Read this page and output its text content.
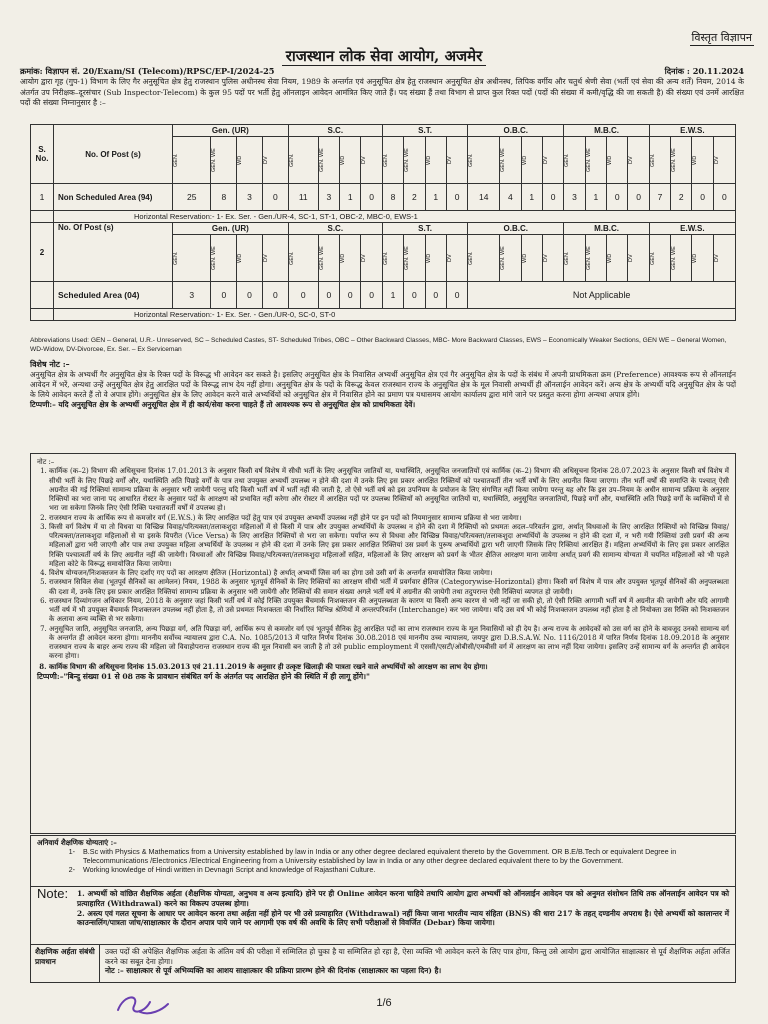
विस्तृत विज्ञापन
राजस्थान लोक सेवा आयोग, अजमेर
क्रमांक: विज्ञापन सं. 20/Exam/SI (Telecom)/RPSC/EP-I/2024-25	दिनांक : 20.11.2024
आयोग द्वारा गृह (गुप-1) विभाग के लिए गैर अनुसूचित क्षेत्र हेतु राजस्थान पुलिस अधीनस्थ सेवा नियम, 1989 के अन्तर्गत एवं अनुसूचित क्षेत्र हेतु राजस्थान अनुसूचित क्षेत्र अधीनस्थ, लिपिक वर्गीय और चतुर्थ श्रेणी सेवा (भर्ती एवं सेवा की अन्य शर्तें) नियम, 2014 के अंतर्गत उप निरीक्षक–दूरसंचार (Sub Inspector-Telecom) के कुल 95 पदों पर भर्ती हेतु ऑनलाइन आवेदन आमंत्रित किए जाते हैं। पद संख्या हैं तथा विभाग से प्राप्त कुल रिक्त पदों (पदों की संख्या में कमी/वृद्धि की जा सकती है) की संख्या एवं उनमें आरक्षित पदों की संख्या निम्नानुसार है :–
S. No.	No. Of Post (s)	Gen. (UR)				S.C.				S.T.				O.B.C.				M.B.C.				E.W.S.			

		GEN.	GEN. WE	WD	DV	GEN.	GEN. WE	WD	DV	GEN.	GEN. WE	WD	DV	GEN.	GEN. WE	WD	DV	GEN.	GEN. WE	WD	DV	GEN.	GEN. WE	WD	DV

1	Non Scheduled Area (94)	25	8	3	0	11	3	1	0	8	2	1	0	14	4	1	0	3	1	0	0	7	2	0	0
	Horizontal Reservation:- 1- Ex. Ser. - Gen./UR-4, SC-1, ST-1, OBC-2, MBC-0, EWS-1																								
2	No. Of Post (s)	Gen. (UR)				S.C.				S.T.				O.B.C.				M.B.C.				E.W.S.			

		GEN.	GEN. WE	WD	DV	GEN.	GEN. WE	WD	DV	GEN.	GEN. WE	WD	DV	GEN.	GEN. WE	WD	DV	GEN.	GEN. WE	WD	DV	GEN.	GEN. WE	WD	DV

	Scheduled Area (04)	3	0	0	0	0	0	0	0	1	0	0	0	Not Applicable											
	Horizontal Reservation:- 1- Ex. Ser. - Gen./UR-0, SC-0, ST-0																								
Abbreviations Used: GEN – General, U.R.- Unreserved, SC – Scheduled Castes, ST- Scheduled Tribes, OBC – Other Backward Classes, MBC- More Backward Classes, EWS – Economically Weaker Sections, GEN WE – General Women, WD-Widow, DV-Divorcee, Ex. Ser. – Ex Serviceman
विशेष नोट :–
अनुसूचित क्षेत्र के अभ्यर्थी गैर अनुसूचित क्षेत्र के रिक्त पदों के विरूद्ध भी आवेदन कर सकते है। इसलिए अनुसूचित क्षेत्र के निवासित अभ्यर्थी अनुसूचित क्षेत्र एवं गैर अनुसूचित क्षेत्र के पदों के संबंध में अपनी प्राथमिकता क्रम (Preference) आवश्यक रूप से ऑनलाईन आवेदन में भरें, अन्यथा उन्हें अनुसूचित क्षेत्र हेतु आरक्षित पदों के विरूद्ध लाभ देय नहीं होगा। अनुसूचित क्षेत्र के पदों के विरूद्ध केवल राजस्थान राज्य के अनुसूचित क्षेत्र के मूल निवासी अभ्यर्थी ही ऑनलाईन आवेदन करें। अन्य क्षेत्र के अभ्यर्थी यदि अनुसूचित क्षेत्र के पदों के लिये आवेदन करते हैं तो वे अपात्र होंगे। अनुसूचित क्षेत्र के लिए आवेदन करने वाले अभ्यर्थियों को अनुसूचित क्षेत्र में निवासित होने का प्रमाण पत्र यथासमय आयोग कार्यालय द्वारा मांगे जाने पर प्रस्तुत करना होगा अन्यथा अपात्र होंगे।
टिप्पणी:– यदि अनुसूचित क्षेत्र के अभ्यर्थी अनुसूचित क्षेत्र में ही कार्य/सेवा करना चाहते हैं तो आवश्यक रूप से अनुसूचित क्षेत्र को प्राथमिकता देवें।
नोट :–
1. कार्मिक (क–2) विभाग की अधिसूचना दिनांक 17.01.2013 के अनुसार किसी वर्ष विशेष में सीधी भर्ती के लिए अनुसूचित जातियों या, यथास्थिति, अनुसूचित जनजातियों एवं कार्मिक (क–2) विभाग की अधिसूचना दिनांक 28.07.2023 के अनुसार किसी वर्ष विशेष में सीधी भर्ती के लिए पिछड़े वर्गों और, यथास्थिति अति पिछड़े वर्गों के पात्र तथा उपयुक्त अभ्यर्थी उपलब्ध न होने की दशा में उनके लिए इस प्रकार आरक्षित रिक्तियों को पश्चातवर्ती तीन भर्ती वर्षों के लिए अग्रनीत किया जाएगा। तीन भर्ती वर्षों की समाप्ति के पश्चात् ऐसी अग्रनीत की गई रिक्तियां सामान्य प्रक्रिया के अनुसार भरी जायेगी परन्तु यदि किसी भर्ती वर्ष में भर्ती नहीं की जाती है, तो ऐसे भर्ती वर्ष को इस उपनियम के प्रयोजन के लिए संगणित नहीं किया जायेगा परन्तु यह और कि इस उप–नियम के अधीन सामान्य प्रक्रिया के अनुसार रिक्तियों का भरा जाना पद आधारित रोस्टर के अनुसार पदों के आरक्षण को प्रभावित नहीं करेगा और रोस्टर में आरक्षित पदों पर उपलब्ध रिक्तियों को अनुसूचित जातियों या, यथास्थिति, अनुसूचित जनजातियों, पिछड़े वर्गों और, यथास्थिति अति पिछड़े वर्गों के व्यक्तियों में से भरा जा सकेगा जिनके लिए ऐसी रिक्ति पश्चातवर्ती वर्षों में उपलब्ध हो।
2. राजस्थान राज्य के आर्थिक रूप से कमजोर वर्ग (E.W.S.) के लिए आरक्षित पदों हेतु पात्र एवं उपयुक्त अभ्यर्थी उपलब्ध नहीं होने पर इन पदों को नियमानुसार सामान्य प्रक्रिया से भरा जायेगा।
3. किसी वर्ग विशेष में या तो विधवा या विच्छिन्न विवाह/परित्यक्ता/तलाकशुदा महिलाओं में से किसी में पात्र और उपयुक्त अभ्यर्थियों के उपलब्ध न होने की दशा में रिक्तियों को प्रथमतः अदल–परिवर्तन द्वारा, अर्थात् विधवाओं के लिए आरक्षित रिक्तियों को विच्छिन्न विवाह/परित्यक्ता/तलाकशुदा महिलाओं से या इसके विपरीत (Vice Versa) के लिए आरक्षित रिक्तियों से भरा जा सकेगा। पर्याप्त रूप से विधवा और विच्छिन्न विवाह/परित्यक्ता/तलाकशुदा अभ्यर्थियों के उपलब्ध न होने की दशा में, न भरी गयी रिक्तियां उसी प्रवर्ग की अन्य महिलाओं द्वारा भरी जाएगी और पात्र तथा उपयुक्त महिला अभ्यर्थियों के उपलब्ध न होने की दशा में उनके लिए इस प्रकार आरक्षित रिक्तियां उस प्रवर्ग के पुरूष अभ्यर्थियों द्वारा भरी जाएगी जिसके लिए रिक्तियां आरक्षित हैं। महिला अभ्यर्थियों के लिए इस प्रकार आरक्षित रिक्ति पश्चात्वर्ती वर्ष के लिए अग्रनीत नहीं की जायेगी। विधवाओं और विच्छिन्न विवाह/परित्यक्ता/तलाकशुदा महिलाओं सहित, महिलाओं के लिए आरक्षण को प्रवर्ग के भीतर क्षैतिज आरक्षण माना जायेगा अर्थात् प्रवर्ग की सामान्य योग्यता में चयनित महिलाओं को भी पहले महिला कोटे के विरूद्ध समायोजित किया जायेगा।
4. विशेष योग्यजन/निःशक्तजन के लिए दर्शाए गए पदों का आरक्षण क्षैतिज (Horizontal) है अर्थात् अभ्यर्थी जिस वर्ग का होगा उसे उसी वर्ग के अन्तर्गत समायोजित किया जायेगा।
5. राजस्थान सिविल सेवा (भूतपूर्व सैनिकों का आमेलन) नियम, 1988 के अनुसार भूतपूर्व सैनिकों के लिए रिक्तियों का आरक्षण सीधी भर्ती में प्रवर्गवार क्षैतिज (Categorywise-Horizontal) होगा। किसी वर्ग विशेष में पात्र और उपयुक्त भूतपूर्व सैनिकों की अनुपलब्धता की दशा में, उनके लिए इस प्रकार आरक्षित रिक्तियां सामान्य प्रक्रिया के अनुसार भरी जायेंगी और रिक्तियों की समान संख्या अगले भर्ती वर्ष में अग्रनीत की जायेगी तथा तदुपरान्त ऐसी रिक्तियां व्यपगत हो जायेंगी।
6. राजस्थान दिव्यांगजन अधिकार नियम, 2018 के अनुसार जहां किसी भर्ती वर्ष में कोई रिक्ति उपयुक्त बैंचमार्क निःशक्तजन की अनुपलब्धता के कारण या किसी अन्य कारण से भरी नहीं जा सकी हो, तो ऐसी रिक्ति आगामी भर्ती वर्ष में अग्रनीत की जायेगी और यदि आगामी भर्ती वर्ष में भी उपयुक्त बैंचमार्क निःशक्तजन उपलब्ध नहीं होता है, तो उसे प्रथमतः निःशक्तता की निर्धारित विभिन्न श्रेणियों में अन्तरपरिवर्तन (Interchange) कर भरा जायेगा। यदि उस वर्ष भी कोई निःशक्तजन उपलब्ध नहीं होता है तो नियोक्ता उस रिक्ति को निःशक्तजन के अलावा अन्य व्यक्ति से भर सकेगा।
7. अनुसूचित जाति, अनुसूचित जनजाति, अन्य पिछड़ा वर्ग, अति पिछड़ा वर्ग, आर्थिक रूप से कमजोर वर्ग एवं भूतपूर्व सैनिक हेतु आरक्षित पदों का लाभ राजस्थान राज्य के मूल निवासियों को ही देय है। अन्य राज्य के आवेदकों को उस वर्ग का होने के बावजूद उनको सामान्य वर्ग के अन्तर्गत ही आवेदन करना होगा। माननीय सर्वोच्च न्यायालय द्वारा C.A. No. 1085/2013 में पारित निर्णय दिनांक 30.08.2018 एवं माननीय उच्च न्यायालय, जयपुर द्वारा D.B.S.A.W. No. 1116/2018 में पारित निर्णय दिनांक 18.09.2018 के अनुसार राजस्थान राज्य के बाहर अन्य राज्य की महिला जो विवाहोपरान्त राजस्थान राज्य की मूल निवासी बन जाती है तो उसे public employment में एससी/एसटी/ओबीसी/एमबीसी वर्ग में आरक्षण का लाभ नहीं दिया जायेगा। इसलिए उन्हें सामान्य वर्ग के अन्तर्गत ही आवेदन करना होगा।
8. कार्मिक विभाग की अधिसूचना दिनांक 15.03.2013 एवं 21.11.2019 के अनुसार ही उत्कृष्ट खिलाड़ी की पात्रता रखने वाले अभ्यर्थियों को आरक्षण का लाभ देय होगा।
टिप्पणी:–"बिन्दु संख्या 01 से 08 तक के प्रावधान संबंधित वर्ग के अंतर्गत पद आरक्षित होने की स्थिति में ही लागू होंगे।"
अनिवार्य शैक्षणिक योग्यताएं :–
1-	B.Sc with Physics & Mathematics from a University established by law in India or any other degree declared equivalent thereto by the Government. OR B.E/B.Tech or equivalent Degree in Telecommunications /Electronics /Electrical Engineering from a University established by law in India or any other degree declared equivalent there to by the Government.
2-	Working knowledge of Hindi written in Devnagri Script and knowledge of Rajasthani Culture.
Note:	1. अभ्यर्थी को वांछित शैक्षणिक अर्हता (शैक्षणिक योग्यता, अनुभव व अन्य इत्यादि) होने पर ही Online आवेदन करना चाहिये तथापि आयोग द्वारा अभ्यर्थी को ऑनलाईन आवेदन पत्र को अनुमत संशोधन तिथि तक ऑनलाईन आवेदन पत्र को प्रत्याहारित (Withdrawal) करने का विकल्प उपलब्ध होगा।
2. अस्त्य एवं गलत सूचना के आधार पर आवेदन करना तथा अर्हता नहीं होने पर भी उसे प्रत्याहारित (Withdrawal) नहीं किया जाना भारतीय न्याय संहिता (BNS) की धारा 217 के तहत् दण्डनीय अपराध है। ऐसे अभ्यर्थी को कालान्तर में काउन्सलिंग/पात्रता जांच/साक्षात्कार के दौरान अपात्र पाये जाने पर आगामी एक वर्ष की अवधि के लिए सभी परीक्षाओं से विवर्जित (Debar) किया जायेगा।
शैक्षणिक अर्हता संबंधी प्रावधान
उक्त पदों की अपेक्षित शैक्षणिक अर्हता के अंतिम वर्ष की परीक्षा में सम्मिलित हो चुका है या सम्मिलित हो रहा है, ऐसा व्यक्ति भी आवेदन करने के लिए पात्र होगा, किन्तु उसे आयोग द्वारा आयोजित साक्षात्कार से पूर्व शैक्षणिक अर्हता अर्जित करने का सबूत देना होगा।
नोट :– साक्षात्कार से पूर्व अभिव्यक्ति का आशय साक्षात्कार की प्रक्रिया प्रारम्भ होने की दिनांक (साक्षात्कार का पहला दिन) है।
1/6
